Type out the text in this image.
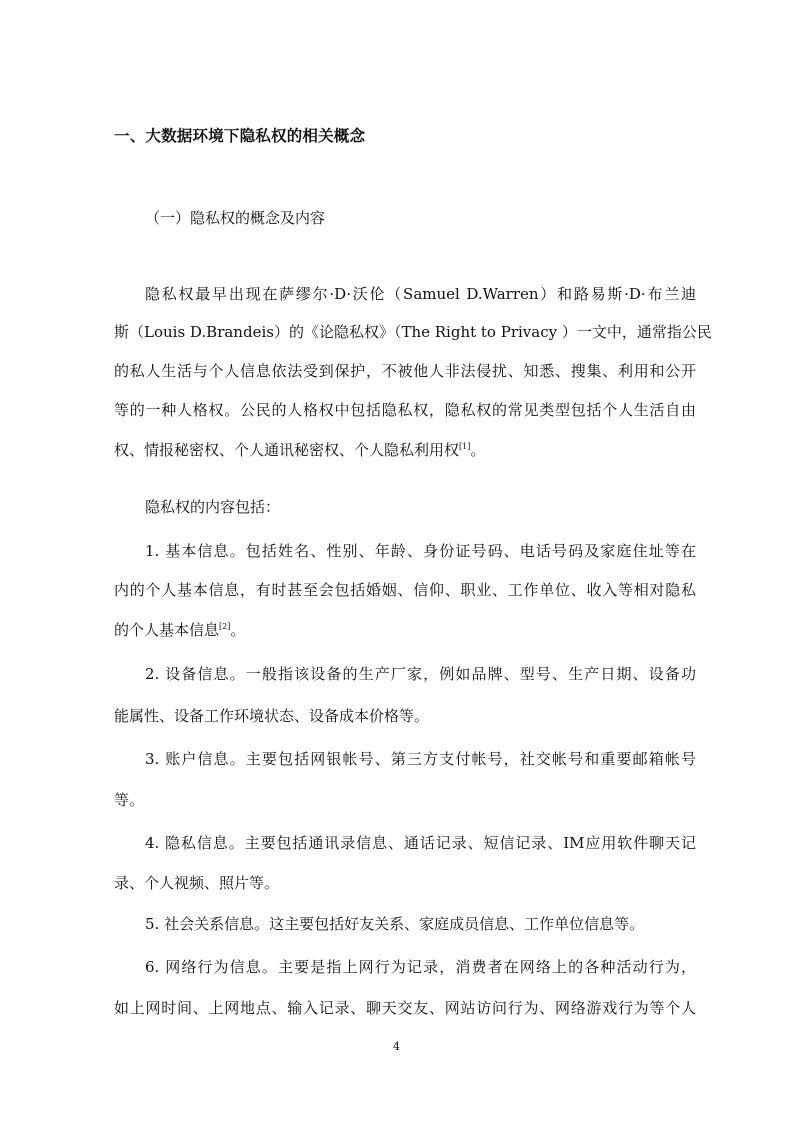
一、大数据环境下隐私权的相关概念
（一）隐私权的概念及内容
隐私权最早出现在萨缪尔·D·沃伦（Samuel D.Warren）和路易斯·D·布兰迪
斯（Louis D.Brandeis）的《论隐私权》（The Right to Privacy ）一文中，通常指公民
的私人生活与个人信息依法受到保护，不被他人非法侵扰、知悉、搜集、利用和公开
等的一种人格权。公民的人格权中包括隐私权，隐私权的常见类型包括个人生活自由
权、情报秘密权、个人通讯秘密权、个人隐私利用权[1]。
隐私权的内容包括：
1. 基本信息。包括姓名、性别、年龄、身份证号码、电话号码及家庭住址等在
内的个人基本信息，有时甚至会包括婚姻、信仰、职业、工作单位、收入等相对隐私
的个人基本信息[2]。
2. 设备信息。一般指该设备的生产厂家，例如品牌、型号、生产日期、设备功
能属性、设备工作环境状态、设备成本价格等。
3. 账户信息。主要包括网银帐号、第三方支付帐号，社交帐号和重要邮箱帐号
等。
4. 隐私信息。主要包括通讯录信息、通话记录、短信记录、IM应用软件聊天记
录、个人视频、照片等。
5. 社会关系信息。这主要包括好友关系、家庭成员信息、工作单位信息等。
6. 网络行为信息。主要是指上网行为记录，消费者在网络上的各种活动行为，
如上网时间、上网地点、输入记录、聊天交友、网站访问行为、网络游戏行为等个人
4
